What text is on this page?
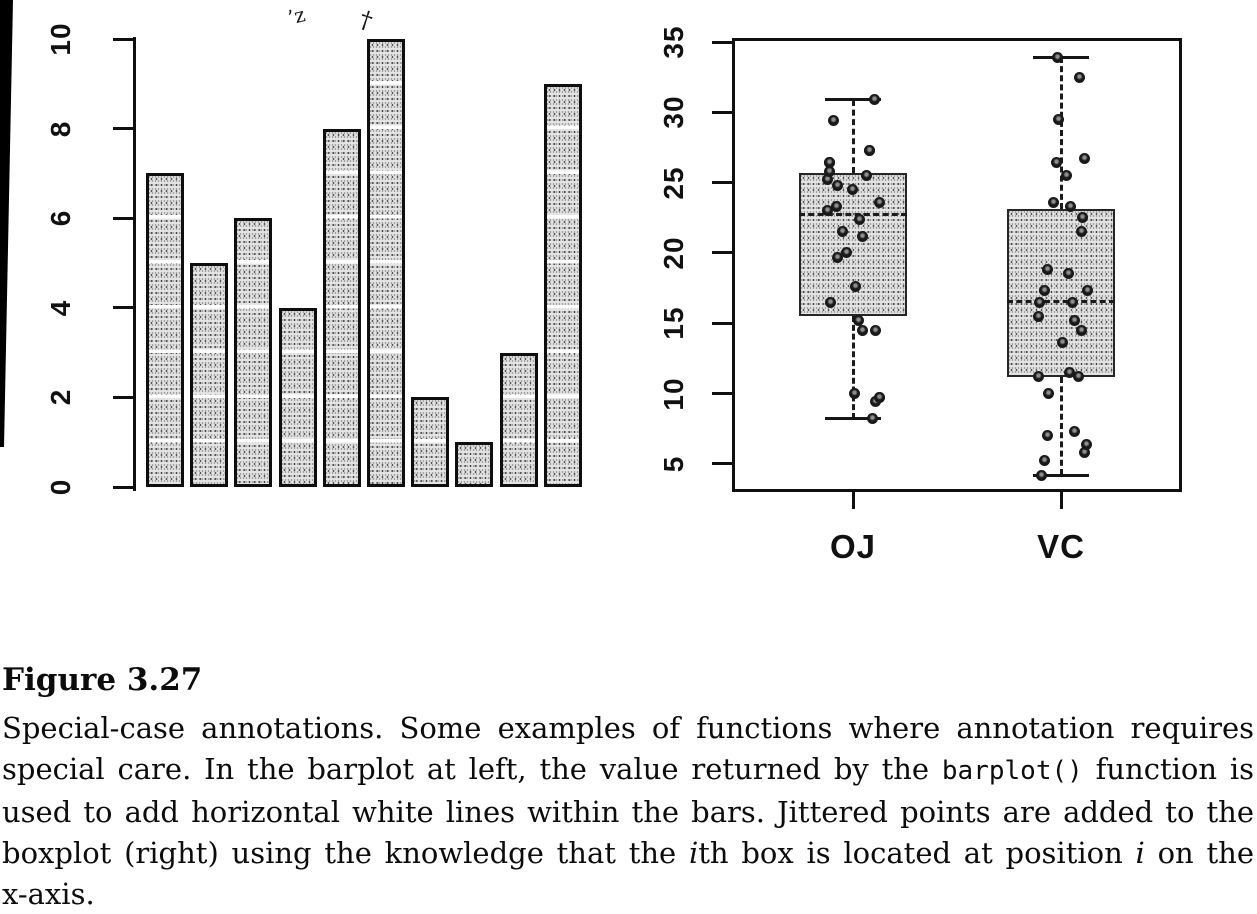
’z †
0
2
4
6
8
10
5
10
15
20
25
30
35
OJ	VC
Figure 3.27
Special-case annotations. Some examples of functions where annotation requires
special care. In the barplot at left, the value returned by the barplot() function is
used to add horizontal white lines within the bars. Jittered points are added to the
boxplot (right) using the knowledge that the ith box is located at position i on the
x-axis.
